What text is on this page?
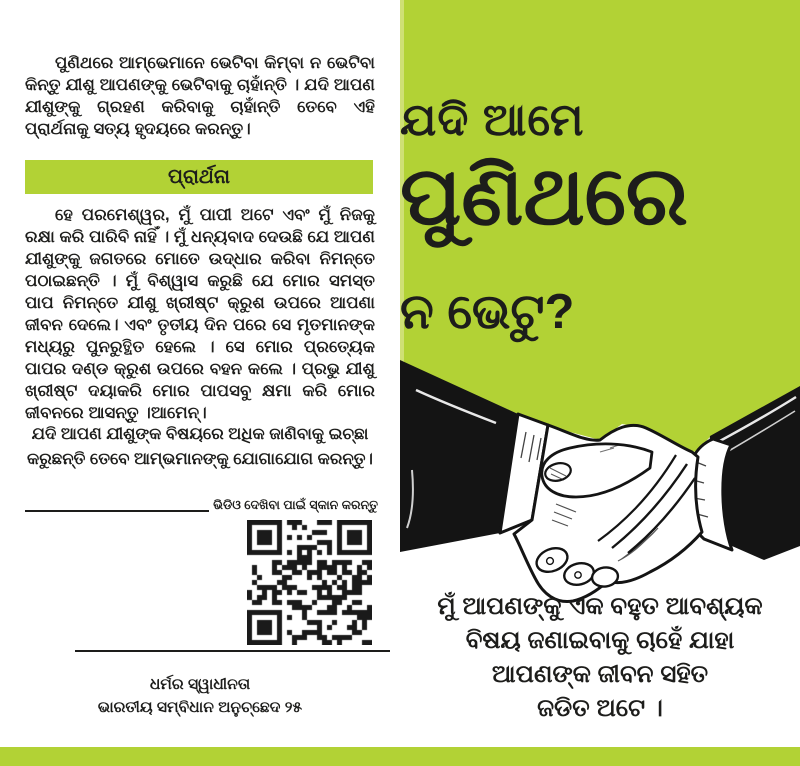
ପୁଣିଥରେ ଆମ୍ଭେମାନେ ଭେଟିବା କିମ୍ବା ନ ଭେଟିବା କିନ୍ତୁ ଯୀଶୁ ଆପଣଙ୍କୁ ଭେଟିବାକୁ ଚାହାଁନ୍ତି । ଯଦି ଆପଣ ଯୀଶୁଙ୍କୁ ଗ୍ରହଣ କରିବାକୁ ଚାହାଁନ୍ତି ତେବେ ଏହି ପ୍ରାର୍ଥନାକୁ ସତ୍ୟ ହୃଦୟରେ କରନ୍ତୁ।

ପ୍ରାର୍ଥନା

ହେ ପରମେଶ୍ୱର, ମୁଁ ପାପୀ ଅଟେ ଏବଂ ମୁଁ ନିଜକୁ ରକ୍ଷା କରି ପାରିବି ନାହିଁ । ମୁଁ ଧନ୍ୟବାଦ ଦେଉଛି ଯେ ଆପଣ ଯୀଶୁଙ୍କୁ ଜଗତରେ ମୋତେ ଉଦ୍ଧାର କରିବା ନିମନ୍ତେ ପଠାଇଛନ୍ତି । ମୁଁ ବିଶ୍ୱାସ କରୁଛି ଯେ ମୋର ସମସ୍ତ ପାପ ନିମନ୍ତେ ଯୀଶୁ ଖ୍ରୀଷ୍ଟ କ୍ରୁଶ ଉପରେ ଆପଣା ଜୀବନ ଦେଲେ। ଏବଂ ତୃତୀୟ ଦିନ ପରେ ସେ ମୃତମାନଙ୍କ ମଧ୍ୟରୁ ପୁନରୁତ୍ଥିତ ହେଲେ । ସେ ମୋର ପ୍ରତ୍ୟେକ ପାପର ଦଣ୍ଡ କ୍ରୁଶ ଉପରେ ବହନ କଲେ । ପ୍ରଭୁ ଯୀଶୁ ଖ୍ରୀଷ୍ଟ ଦୟାକରି ମୋର ପାପସବୁ କ୍ଷମା କରି ମୋର ଜୀବନରେ ଆସନ୍ତୁ ।ଆମେନ୍।

ଯଦି ଆପଣ ଯୀଶୁଙ୍କ ବିଷୟରେ ଅଧିକ ଜାଣିବାକୁ ଇଚ୍ଛା କରୁଛନ୍ତି ତେବେ ଆମ୍ଭମାନଙ୍କୁ ଯୋଗାଯୋଗ କରନ୍ତୁ।

ଭିଡିଓ ଦେଖିବା ପାଇଁ ସ୍କାନ କରନ୍ତୁ
ଧର୍ମର ସ୍ୱାଧୀନତା
ଭାରତୀୟ ସମ୍ବିଧାନ ଅନୁଚ୍ଛେଦ ୨୫
ଯଦି ଆମେ
ପୁଣିଥରେ
ନ ଭେଟୁ?
ମୁଁ ଆପଣଙ୍କୁ ଏକ ବହୁତ ଆବଶ୍ୟକ
ବିଷୟ ଜଣାଇବାକୁ ଚାହେଁ ଯାହା
ଆପଣଙ୍କ ଜୀବନ ସହିତ
ଜଡିତ ଅଟେ ।
